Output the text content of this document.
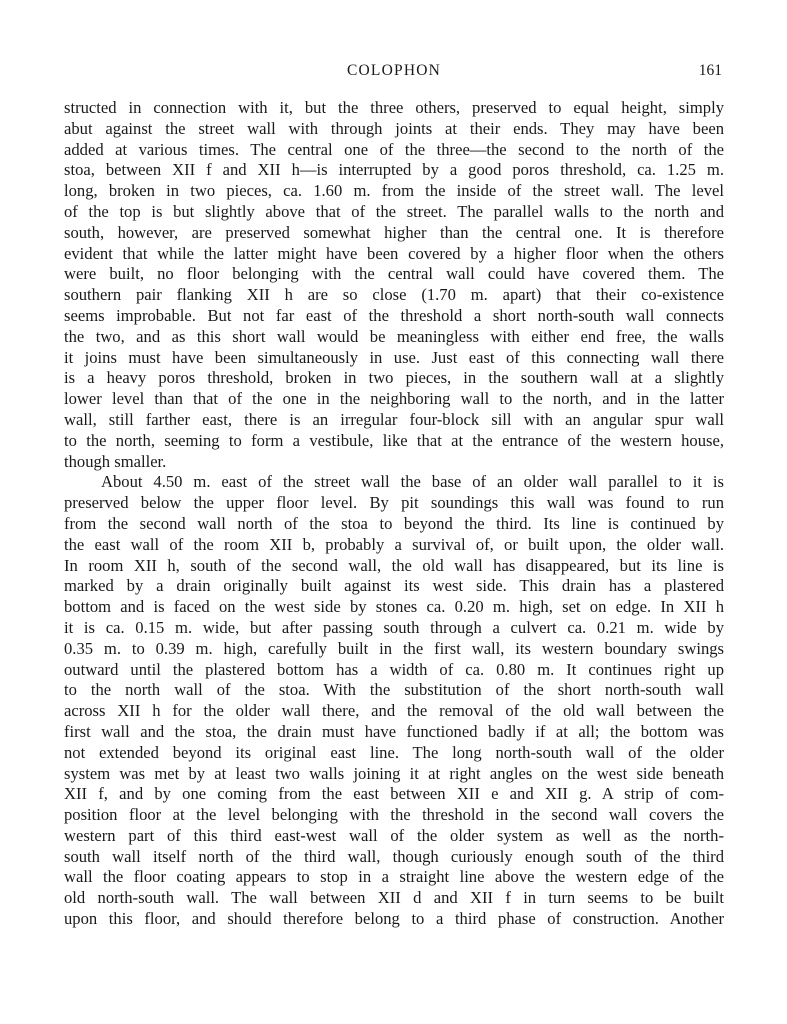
COLOPHON	161

structed in connection with it, but the three others, preserved to equal height, simply
abut against the street wall with through joints at their ends. They may have been
added at various times. The central one of the three—the second to the north of the
stoa, between XII f and XII h—is interrupted by a good poros threshold, ca. 1.25 m.
long, broken in two pieces, ca. 1.60 m. from the inside of the street wall. The level
of the top is but slightly above that of the street. The parallel walls to the north and
south, however, are preserved somewhat higher than the central one. It is therefore
evident that while the latter might have been covered by a higher floor when the others
were built, no floor belonging with the central wall could have covered them. The
southern pair flanking XII h are so close (1.70 m. apart) that their co-existence
seems improbable. But not far east of the threshold a short north-south wall connects
the two, and as this short wall would be meaningless with either end free, the walls
it joins must have been simultaneously in use. Just east of this connecting wall there
is a heavy poros threshold, broken in two pieces, in the southern wall at a slightly
lower level than that of the one in the neighboring wall to the north, and in the latter
wall, still farther east, there is an irregular four-block sill with an angular spur wall
to the north, seeming to form a vestibule, like that at the entrance of the western house,
though smaller.

About 4.50 m. east of the street wall the base of an older wall parallel to it is
preserved below the upper floor level. By pit soundings this wall was found to run
from the second wall north of the stoa to beyond the third. Its line is continued by
the east wall of the room XII b, probably a survival of, or built upon, the older wall.
In room XII h, south of the second wall, the old wall has disappeared, but its line is
marked by a drain originally built against its west side. This drain has a plastered
bottom and is faced on the west side by stones ca. 0.20 m. high, set on edge. In XII h
it is ca. 0.15 m. wide, but after passing south through a culvert ca. 0.21 m. wide by
0.35 m. to 0.39 m. high, carefully built in the first wall, its western boundary swings
outward until the plastered bottom has a width of ca. 0.80 m. It continues right up
to the north wall of the stoa. With the substitution of the short north-south wall
across XII h for the older wall there, and the removal of the old wall between the
first wall and the stoa, the drain must have functioned badly if at all; the bottom was
not extended beyond its original east line. The long north-south wall of the older
system was met by at least two walls joining it at right angles on the west side beneath
XII f, and by one coming from the east between XII e and XII g. A strip of com-
position floor at the level belonging with the threshold in the second wall covers the
western part of this third east-west wall of the older system as well as the north-
south wall itself north of the third wall, though curiously enough south of the third
wall the floor coating appears to stop in a straight line above the western edge of the
old north-south wall. The wall between XII d and XII f in turn seems to be built
upon this floor, and should therefore belong to a third phase of construction. Another
